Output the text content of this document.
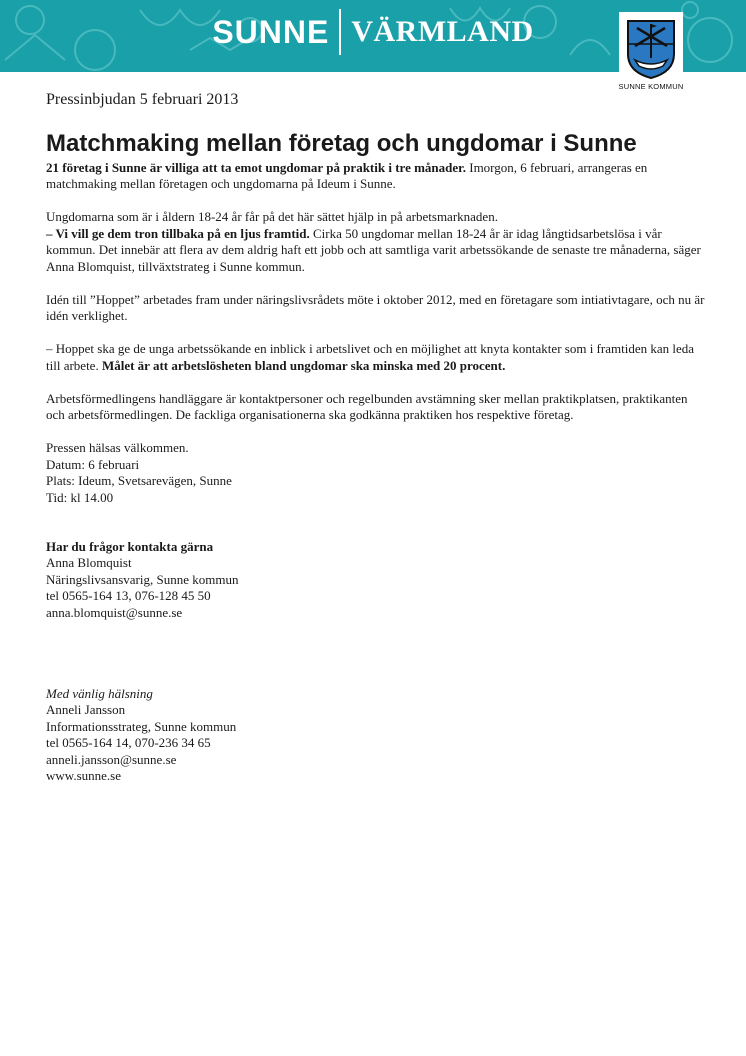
SUNNE VÄRMLAND
SUNNE KOMMUN
Pressinbjudan 5 februari 2013
Matchmaking mellan företag och ungdomar i Sunne

21 företag i Sunne är villiga att ta emot ungdomar på praktik i tre månader. Imorgon, 6 februari, arrangeras en matchmaking mellan företagen och ungdomarna på Ideum i Sunne.

Ungdomarna som är i åldern 18-24 år får på det här sättet hjälp in på arbetsmarknaden.
– Vi vill ge dem tron tillbaka på en ljus framtid. Cirka 50 ungdomar mellan 18-24 år är idag långtidsarbetslösa i vår kommun. Det innebär att flera av dem aldrig haft ett jobb och att samtliga varit arbetssökande de senaste tre månaderna, säger Anna Blomquist, tillväxtstrateg i Sunne kommun.

Idén till ”Hoppet” arbetades fram under näringslivsrådets möte i oktober 2012, med en företagare som intiativtagare, och nu är idén verklighet.

– Hoppet ska ge de unga arbetssökande en inblick i arbetslivet och en möjlighet att knyta kontakter som i framtiden kan leda till arbete. Målet är att arbetslösheten bland ungdomar ska minska med 20 procent.

Arbetsförmedlingens handläggare är kontaktpersoner och regelbunden avstämning sker mellan praktikplatsen, praktikanten och arbetsförmedlingen. De fackliga organisationerna ska godkänna praktiken hos respektive företag.

Pressen hälsas välkommen.
Datum: 6 februari
Plats: Ideum, Svetsarevägen, Sunne
Tid: kl 14.00
Har du frågor kontakta gärna
Anna Blomquist
Näringslivsansvarig, Sunne kommun
tel 0565-164 13, 076-128 45 50
anna.blomquist@sunne.se
Med vänlig hälsning
Anneli Jansson
Informationsstrateg, Sunne kommun
tel 0565-164 14, 070-236 34 65
anneli.jansson@sunne.se
www.sunne.se
